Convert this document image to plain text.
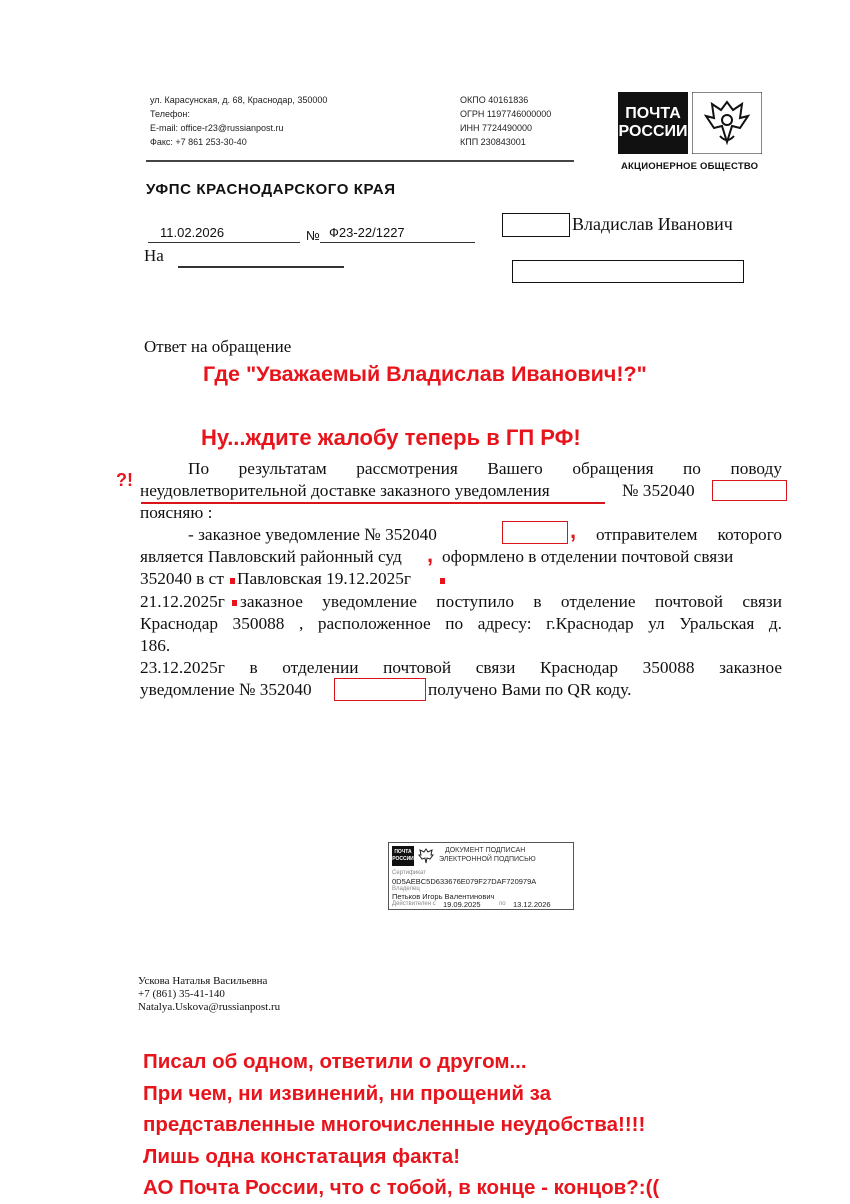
ул. Карасунская, д. 68, Краснодар, 350000
Телефон:
E-mail: office-r23@russianpost.ru
Факс: +7 861 253-30-40
ОКПО 40161836
ОГРН 1197746000000
ИНН 7724490000
КПП 230843001
ПОЧТА
РОССИИ
АКЦИОНЕРНОЕ ОБЩЕСТВО
УФПС КРАСНОДАРСКОГО КРАЯ
11.02.2026	№ Ф23-22/1227
На
Владислав Иванович
Ответ на обращение
Где "Уважаемый Владислав Иванович!?"
Ну...ждите жалобу теперь в ГП РФ!
?!
По результатам рассмотрения Вашего обращения по поводу
неудовлетворительной доставке заказного уведомления	№ 352040
поясняю :
- заказное уведомление № 352040	, отправителем которого
является Павловский районный суд , оформлено в отделении почтовой связи
352040 в ст Павловская 19.12.2025г
21.12.2025г заказное уведомление поступило в отделение почтовой связи
Краснодар 350088 , расположенное по адресу: г.Краснодар ул Уральская д.
186.
23.12.2025г в отделении почтовой связи Краснодар 350088 заказное
уведомление № 352040	получено Вами по QR коду.
ПОЧТА
РОССИИ
ДОКУМЕНТ ПОДПИСАН
ЭЛЕКТРОННОЙ ПОДПИСЬЮ
Сертификат
0D5AEBC5D633676E079F27DAF720979A
Владелец
Петьков Игорь Валентинович
Действителен с 19.09.2025	по 13.12.2026
Ускова Наталья Васильевна
+7 (861) 35-41-140
Natalya.Uskova@russianpost.ru
Писал об одном, ответили о другом...
При чем, ни извинений, ни прощений за
представленные многочисленные неудобства!!!!
Лишь одна констатация факта!
АО Почта России, что с тобой, в конце - концов?:((
